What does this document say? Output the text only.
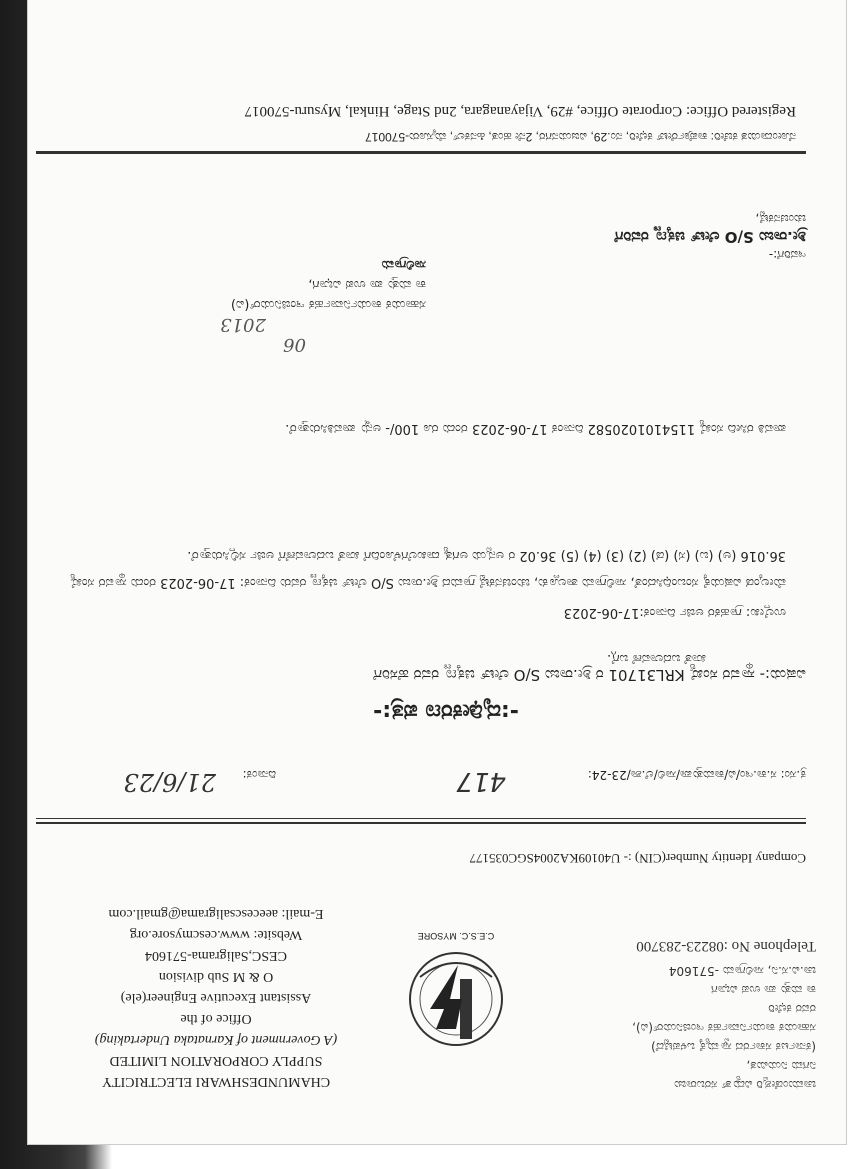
ಚಾಮುಂಡೇಶ್ವರಿ ವಿದ್ಯುತ್ ಸರಬರಾಜು
ನಿಗಮ ನಿಯಮಿತ,
(ಕರ್ನಾಟಕ ಸರ್ಕಾರದ ಸ್ವಾಮ್ಯಕ್ಕೆ ಒಳಪಟ್ಟಿದೆ)
ಸಹಾಯಕ ಕಾರ್ಯನಿರ್ವಾಹಕ ಇಂಜಿನಿಯರ್(ವಿ),
ರವರ ಕಛೇರಿ
ಕಾ ಮತ್ತು ಪಾ ಉಪ ವಿಭಾಗ
ಚಾ.ವಿ.ಸ.ನಿ, ಸಾಲಿಗ್ರಾಮ -571604
Telephone No :08223-283700
C.E.S.C. MYSORE
CHAMUNDESHWARI ELECTRICITY
SUPPLY CORPORATION LIMITED
(A Government of Karnataka Undertaking)
Office of the
Assistant Executive Engineer(ele)
O & M Sub division
CESC,Saligrama-571604
Website: www.cescmysore.org
E-mail: aeecescsaligrama@gmail.com
Company Identity Number(CIN) :- U40109KA2004SGC035177
ಕ್ರ.ಸಂ: ಸ.ಕಾ.ಇಂ/ವಿ/ಕಾಮತ್ತುಪಾ/ಸಾಲಿ/ಲೆ.ಶಾ/23-24:
417
ದಿನಾಂಕ:
21/6/23
-:ದೃಢೀಕರಣ ಪತ್ರ:-
ವಿಷಯ:- ಸ್ಥಾವರ ಸಂಖ್ಯೆ KRL31701 ರ ಶ್ರೀ.ರಾಜು S/O ಲೇಟ್ ಚಿಕ್ಕಣ್ಣ ರವರ ಹೆಸರಿಗೆ
ಖಾತೆ ಬದಲಾವಣೆ ಬಗ್ಗೆ.
ಉಲ್ಲೇಖ: ಗ್ರಾಹಕರ ಅರ್ಜಿ ದಿನಾಂಕ:17-06-2023
ಮೇಲ್ಕಂಡ ವಿಷಯಕ್ಕೆ ಸಂಬಂಧಿಸಿದಂತೆ, ಸಾಲಿಗ್ರಾಮ ತಾಲ್ಲೂಕು, ಚುಂಚನಕಟ್ಟೆ ಗ್ರಾಮದ ಶ್ರೀ.ರಾಜು S/O ಲೇಟ್ ಚಿಕ್ಕಣ್ಣ ರವರು ದಿನಾಂಕ: 17-06-2023 ರಂದು ಸ್ಥಾವರ ಸಂಖ್ಯೆ 36.016 (ಅ) (ಬ) (ಸ) (ಡ) (2) (3) (4) (5) 36.02 ರ ಅನ್ವಯ ಅಗತ್ಯ ದಾಖಲೆಗಳೊಂದಿಗೆ ಖಾತೆ ಬದಲಾವಣೆಗೆ ಅರ್ಜಿ ಸಲ್ಲಿಸಿರುತ್ತಾರೆ.
ಪಾವತಿ ರಸೀದಿ ಸಂಖ್ಯೆ 1154101020582 ದಿನಾಂಕ 17-06-2023 ರಂದು ರೂ 100/- ಅನ್ನು ಪಾವತಿಸಿರುತ್ತಾರೆ.
06
2013
ಸಹಾಯಕ ಕಾರ್ಯನಿರ್ವಾಹಕ ಇಂಜಿನಿಯರ್(ವಿ)
ಕಾ ಮತ್ತು ಪಾ ಉಪ ವಿಭಾಗ,
ಸಾಲಿಗ್ರಾಮ
ಇವರಿಗೆ:-
ಶ್ರೀ.ರಾಜು S/O ಲೇಟ್ ಚಿಕ್ಕಣ್ಣ ರವರಿಗೆ
ಚುಂಚನಕಟ್ಟೆ,
ನೋಂದಾಯಿತ ಕಚೇರಿ: ಕಾರ್ಪೊರೇಟ್ ಕಛೇರಿ, ನಂ.29, ವಿಜಯನಗರ, 2ನೇ ಹಂತ, ಹಿನಕಲ್, ಮೈಸೂರು-570017
Registered Office: Corporate Office, #29, Vijayanagara, 2nd Stage, Hinkal, Mysuru-570017
